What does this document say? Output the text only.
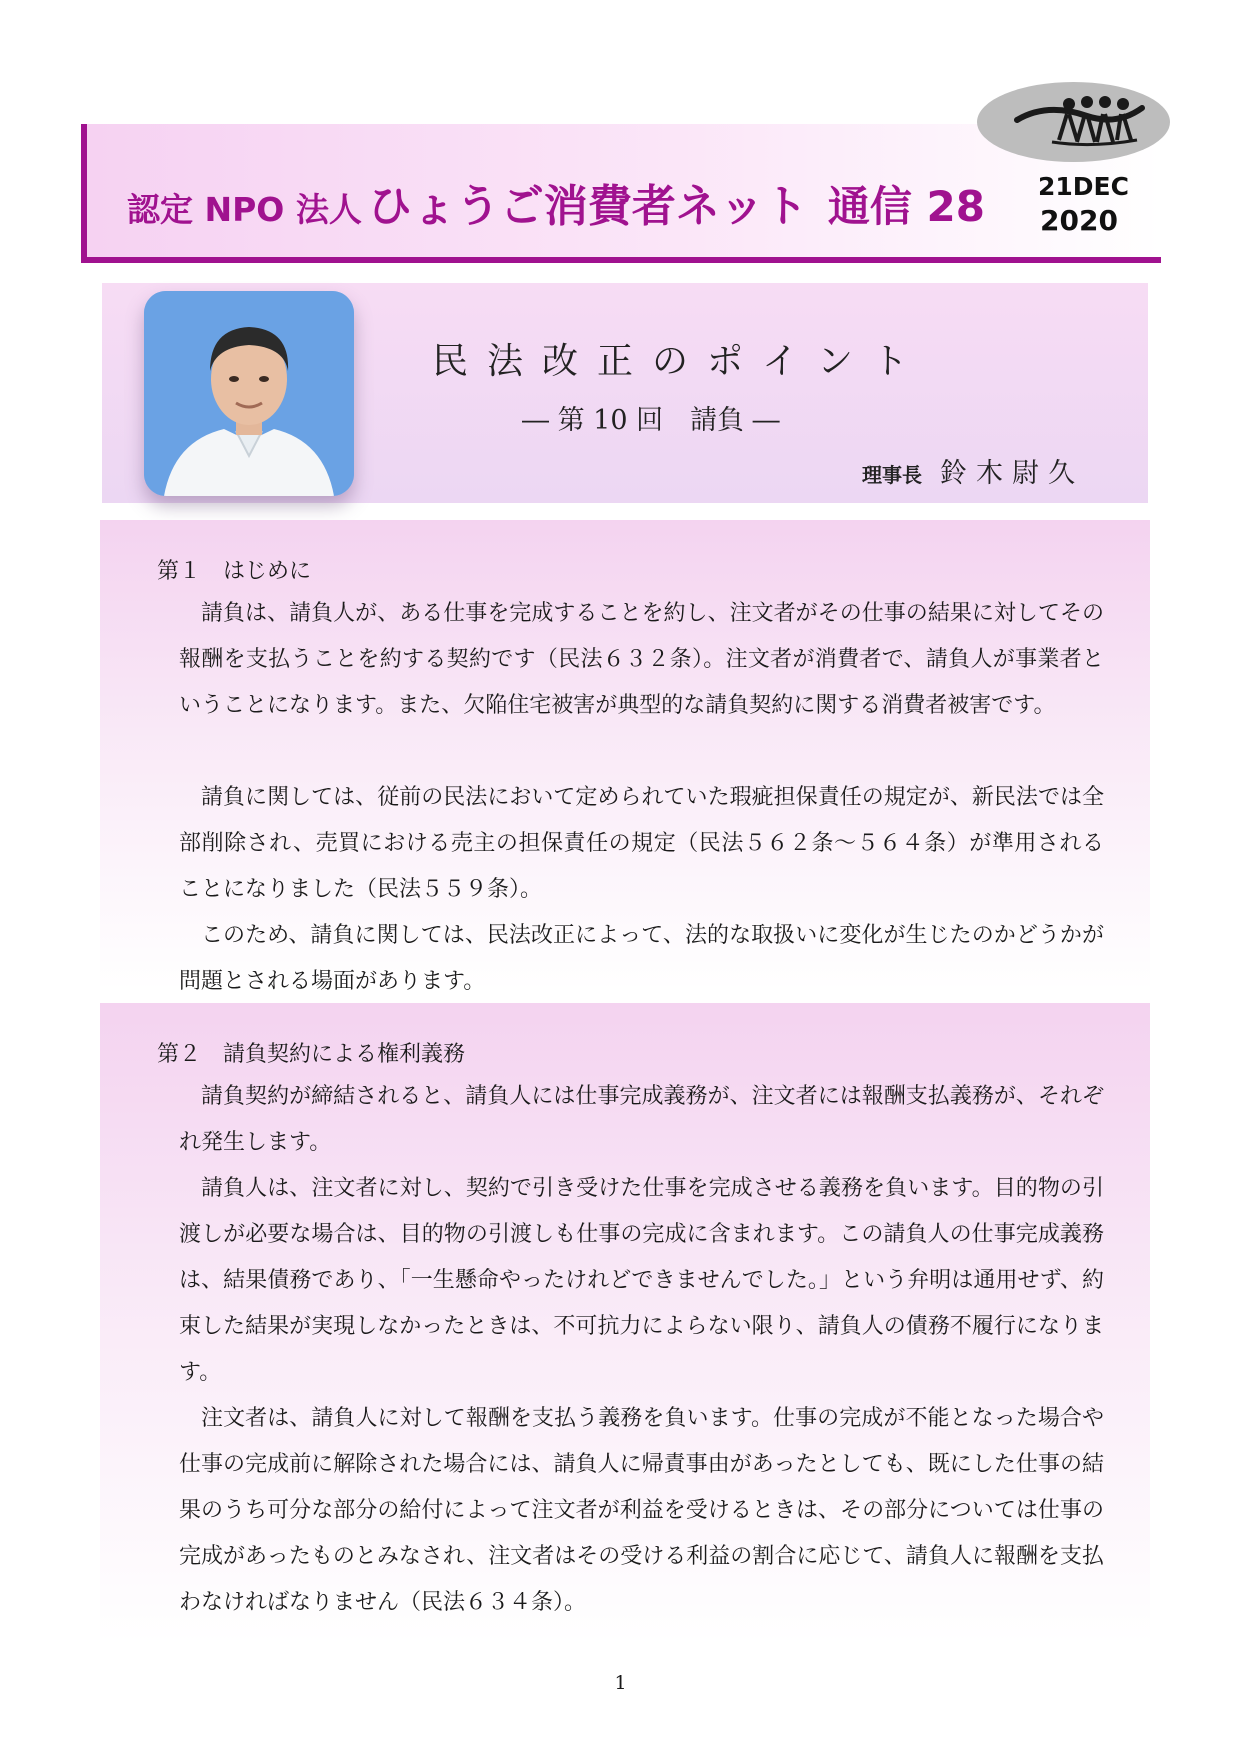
認定 NPO 法人 ひょうご消費者ネット 通信 28 21DEC
2020
民法改正のポイント
― 第 10 回　請負 ―
理事長 鈴木尉久
第１　はじめに

請負は、請負人が、ある仕事を完成することを約し、注文者がその仕事の結果に対してその報酬を支払うことを約する契約です（民法６３２条）。注文者が消費者で、請負人が事業者ということになります。また、欠陥住宅被害が典型的な請負契約に関する消費者被害です。

請負に関しては、従前の民法において定められていた瑕疵担保責任の規定が、新民法では全部削除され、売買における売主の担保責任の規定（民法５６２条～５６４条）が準用されることになりました（民法５５９条）。

このため、請負に関しては、民法改正によって、法的な取扱いに変化が生じたのかどうかが問題とされる場面があります。

第２　請負契約による権利義務

請負契約が締結されると、請負人には仕事完成義務が、注文者には報酬支払義務が、それぞれ発生します。

請負人は、注文者に対し、契約で引き受けた仕事を完成させる義務を負います。目的物の引渡しが必要な場合は、目的物の引渡しも仕事の完成に含まれます。この請負人の仕事完成義務は、結果債務であり、「一生懸命やったけれどできませんでした。」という弁明は通用せず、約束した結果が実現しなかったときは、不可抗力によらない限り、請負人の債務不履行になります。

注文者は、請負人に対して報酬を支払う義務を負います。仕事の完成が不能となった場合や仕事の完成前に解除された場合には、請負人に帰責事由があったとしても、既にした仕事の結果のうち可分な部分の給付によって注文者が利益を受けるときは、その部分については仕事の完成があったものとみなされ、注文者はその受ける利益の割合に応じて、請負人に報酬を支払わなければなりません（民法６３４条）。

1
